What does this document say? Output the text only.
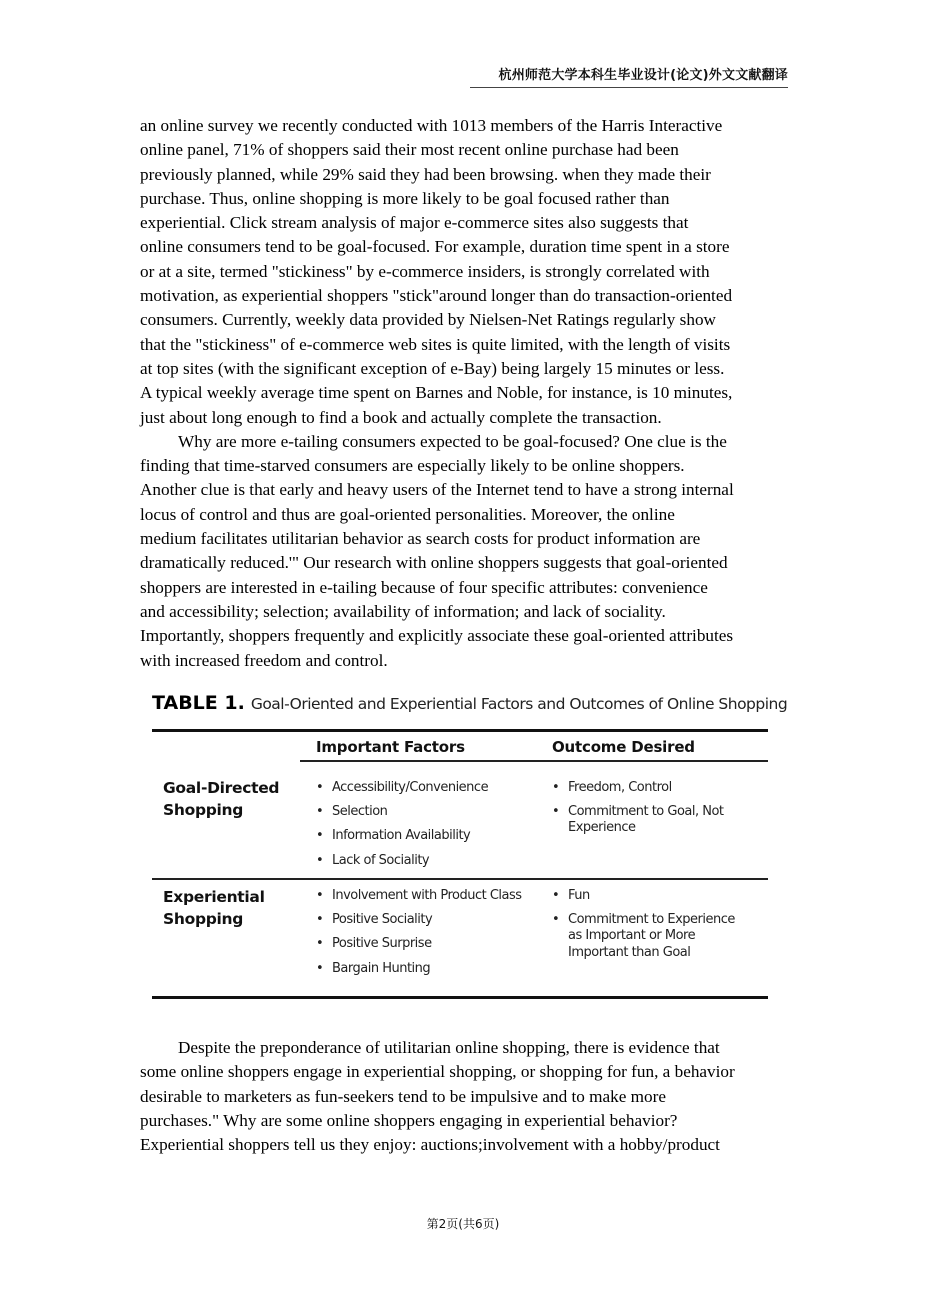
杭州师范大学本科生毕业设计(论文)外文文献翻译

an online survey we recently conducted with 1013 members of the Harris Interactive

online panel, 71% of shoppers said their most recent online purchase had been

previously planned, while 29% said they had been browsing. when they made their

purchase. Thus, online shopping is more likely to be goal focused rather than

experiential. Click stream analysis of major e-commerce sites also suggests that

online consumers tend to be goal-focused. For example, duration time spent in a store

or at a site, termed "stickiness" by e-commerce insiders, is strongly correlated with

motivation, as experiential shoppers "stick"around longer than do transaction-oriented

consumers. Currently, weekly data provided by Nielsen-Net Ratings regularly show

that the "stickiness" of e-commerce web sites is quite limited, with the length of visits

at top sites (with the significant exception of e-Bay) being largely 15 minutes or less.

A typical weekly average time spent on Barnes and Noble, for instance, is 10 minutes,

just about long enough to find a book and actually complete the transaction.

Why are more e-tailing consumers expected to be goal-focused? One clue is the

finding that time-starved consumers are especially likely to be online shoppers.

Another clue is that early and heavy users of the Internet tend to have a strong internal

locus of control and thus are goal-oriented personalities. Moreover, the online

medium facilitates utilitarian behavior as search costs for product information are

dramatically reduced.'" Our research with online shoppers suggests that goal-oriented

shoppers are interested in e-tailing because of four specific attributes: convenience

and accessibility; selection; availability of information; and lack of sociality.

Importantly, shoppers frequently and explicitly associate these goal-oriented attributes

with increased freedom and control.

TABLE 1. Goal-Oriented and Experiential Factors and Outcomes of Online Shopping
Important Factors	Outcome Desired
Goal-Directed
Shopping
• Accessibility/Convenience
• Selection
• Information Availability
• Lack of Sociality
• Freedom, Control
• Commitment to Goal, Not Experience
Experiential
Shopping
• Involvement with Product Class
• Positive Sociality
• Positive Surprise
• Bargain Hunting
• Fun
• Commitment to Experience as Important or More Important than Goal

Despite the preponderance of utilitarian online shopping, there is evidence that

some online shoppers engage in experiential shopping, or shopping for fun, a behavior

desirable to marketers as fun-seekers tend to be impulsive and to make more

purchases." Why are some online shoppers engaging in experiential behavior?

Experiential shoppers tell us they enjoy: auctions;involvement with a hobby/product

第2页(共6页)
